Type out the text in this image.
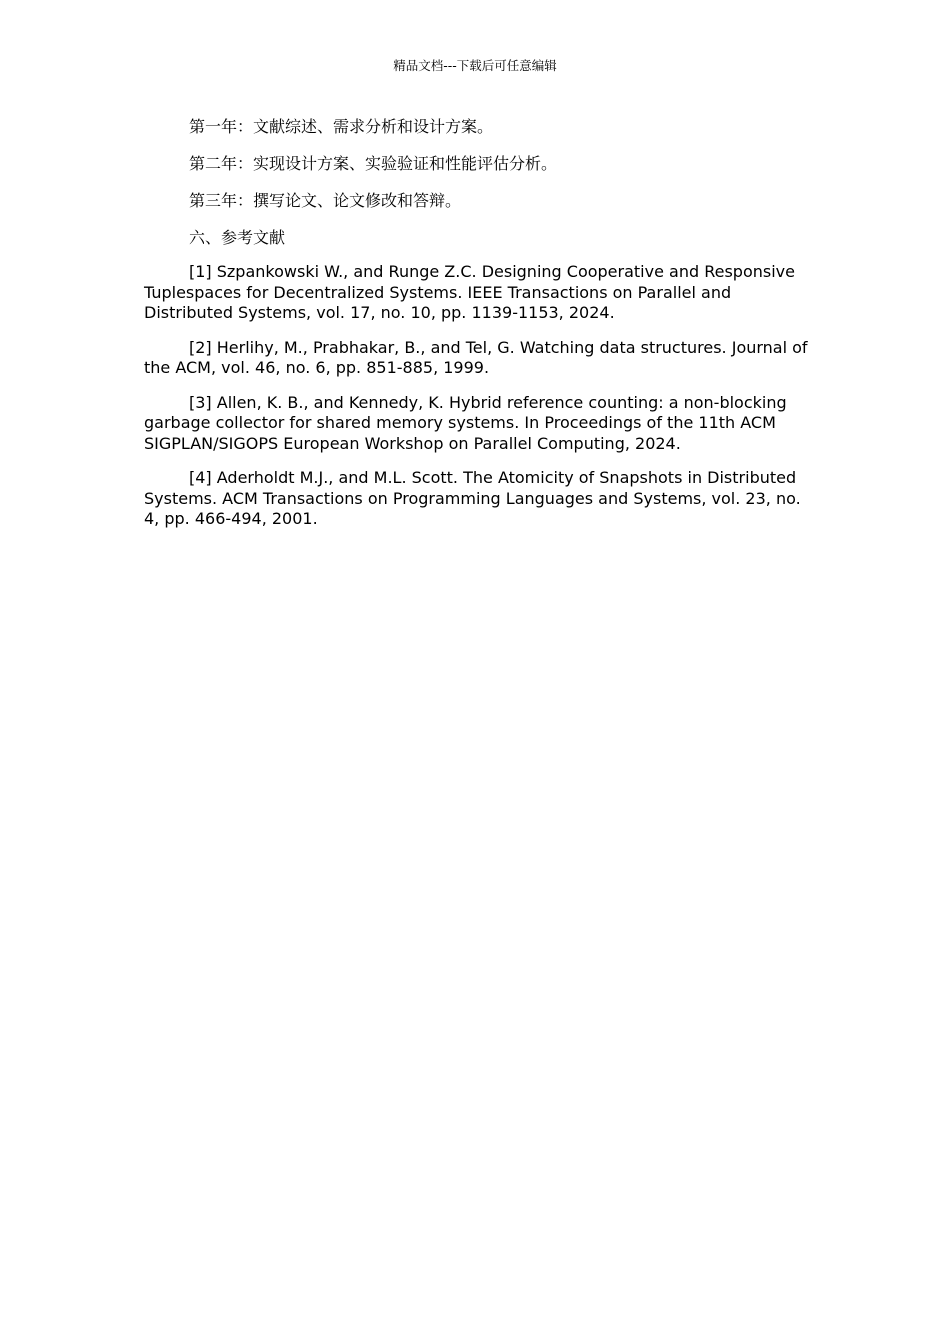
精品文档---下载后可任意编辑

第一年：文献综述、需求分析和设计方案。

第二年：实现设计方案、实验验证和性能评估分析。

第三年：撰写论文、论文修改和答辩。

六、参考文献

[1] Szpankowski W., and Runge Z.C. Designing Cooperative and Responsive Tuplespaces for Decentralized Systems. IEEE Transactions on Parallel and Distributed Systems, vol. 17, no. 10, pp. 1139-1153, 2024.

[2] Herlihy, M., Prabhakar, B., and Tel, G. Watching data structures. Journal of the ACM, vol. 46, no. 6, pp. 851-885, 1999.

[3] Allen, K. B., and Kennedy, K. Hybrid reference counting: a non-blocking garbage collector for shared memory systems. In Proceedings of the 11th ACM SIGPLAN/SIGOPS European Workshop on Parallel Computing, 2024.

[4] Aderholdt M.J., and M.L. Scott. The Atomicity of Snapshots in Distributed Systems. ACM Transactions on Programming Languages and Systems, vol. 23, no. 4, pp. 466-494, 2001.
